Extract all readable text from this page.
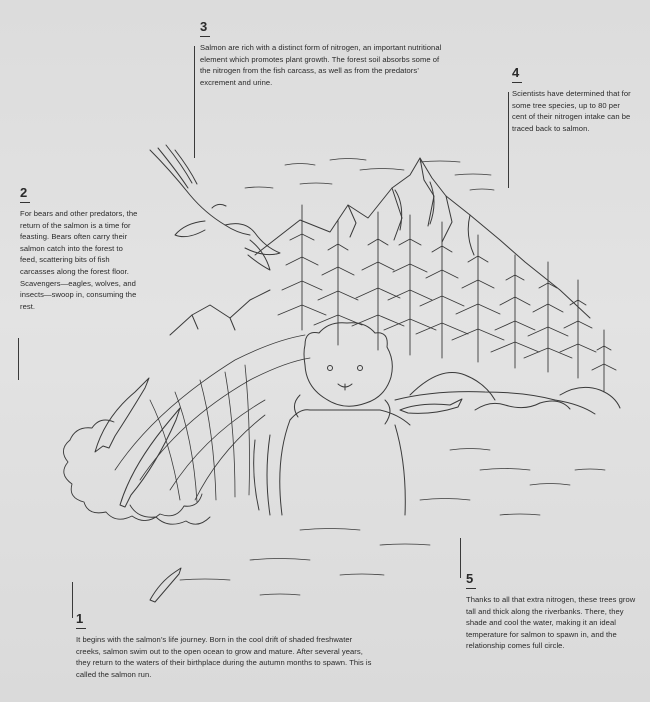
3
Salmon are rich with a distinct form of nitrogen, an important nutritional element which promotes plant growth. The forest soil absorbs some of the nitrogen from the fish carcass, as well as from the predators’ excrement and urine.
4
Scientists have determined that for some tree species, up to 80 per cent of their nitrogen intake can be traced back to salmon.
2
For bears and other predators, the return of the salmon is a time for feasting. Bears often carry their salmon catch into the forest to feed, scattering bits of fish carcasses along the forest floor. Scavengers—eagles, wolves, and insects—swoop in, consuming the rest.
1
It begins with the salmon’s life journey. Born in the cool drift of shaded freshwater creeks, salmon swim out to the open ocean to grow and mature. After several years, they return to the waters of their birthplace during the autumn months to spawn. This is called the salmon run.
5
Thanks to all that extra nitrogen, these trees grow tall and thick along the riverbanks. There, they shade and cool the water, making it an ideal temperature for salmon to spawn in, and the relationship comes full circle.
